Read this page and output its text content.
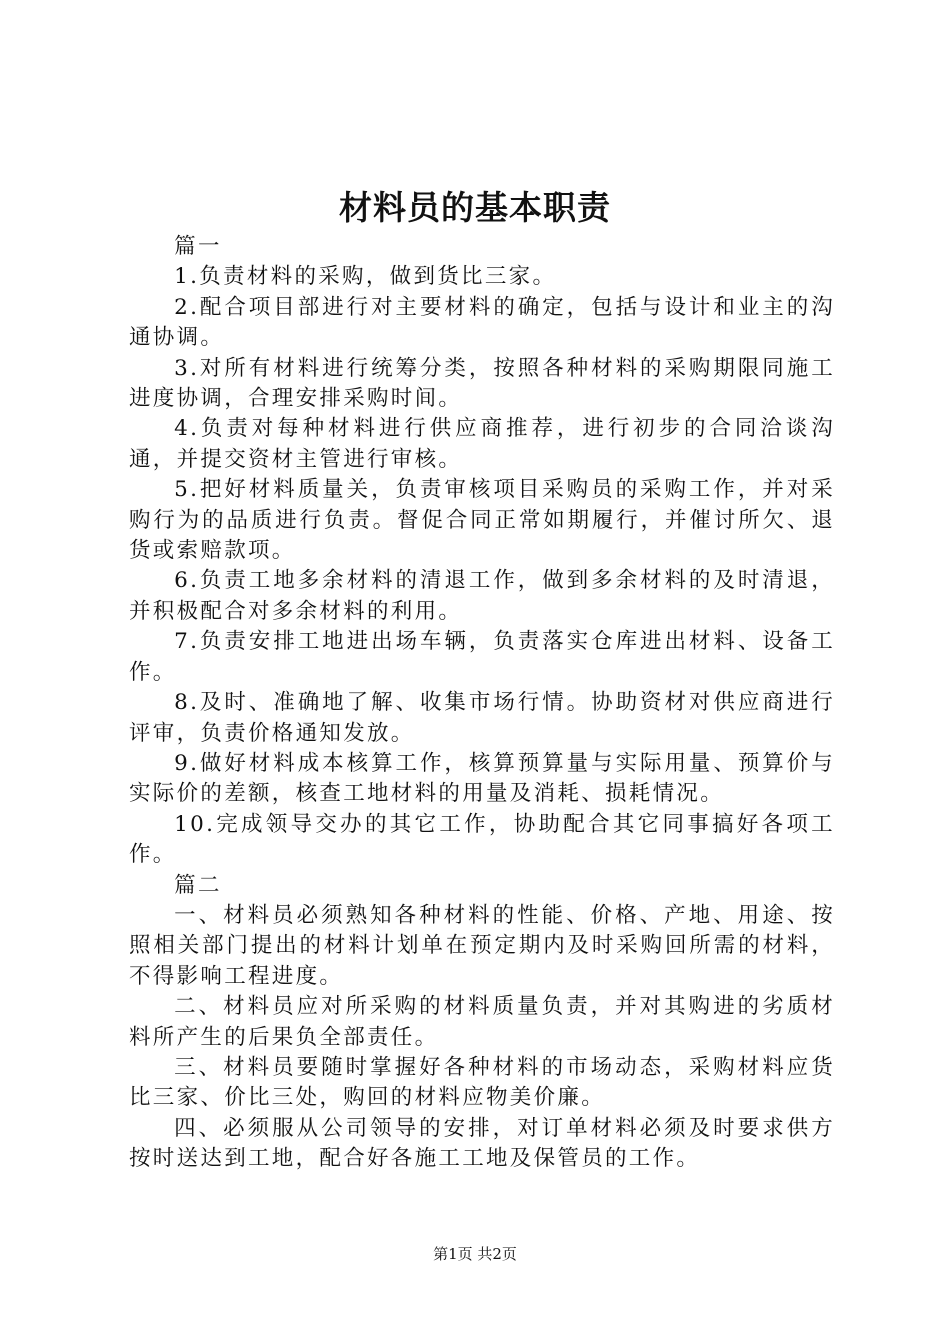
材料员的基本职责

篇一

1.负责材料的采购，做到货比三家。

2.配合项目部进行对主要材料的确定，包括与设计和业主的沟通协调。

3.对所有材料进行统筹分类，按照各种材料的采购期限同施工进度协调，合理安排采购时间。

4.负责对每种材料进行供应商推荐，进行初步的合同洽谈沟通，并提交资材主管进行审核。

5.把好材料质量关，负责审核项目采购员的采购工作，并对采购行为的品质进行负责。督促合同正常如期履行，并催讨所欠、退货或索赔款项。

6.负责工地多余材料的清退工作，做到多余材料的及时清退，并积极配合对多余材料的利用。

7.负责安排工地进出场车辆，负责落实仓库进出材料、设备工作。

8.及时、准确地了解、收集市场行情。协助资材对供应商进行评审，负责价格通知发放。

9.做好材料成本核算工作，核算预算量与实际用量、预算价与实际价的差额，核查工地材料的用量及消耗、损耗情况。

10.完成领导交办的其它工作，协助配合其它同事搞好各项工作。

篇二

一、材料员必须熟知各种材料的性能、价格、产地、用途、按照相关部门提出的材料计划单在预定期内及时采购回所需的材料，不得影响工程进度。

二、材料员应对所采购的材料质量负责，并对其购进的劣质材料所产生的后果负全部责任。

三、材料员要随时掌握好各种材料的市场动态，采购材料应货比三家、价比三处，购回的材料应物美价廉。

四、必须服从公司领导的安排，对订单材料必须及时要求供方按时送达到工地，配合好各施工工地及保管员的工作。

第1页 共2页
